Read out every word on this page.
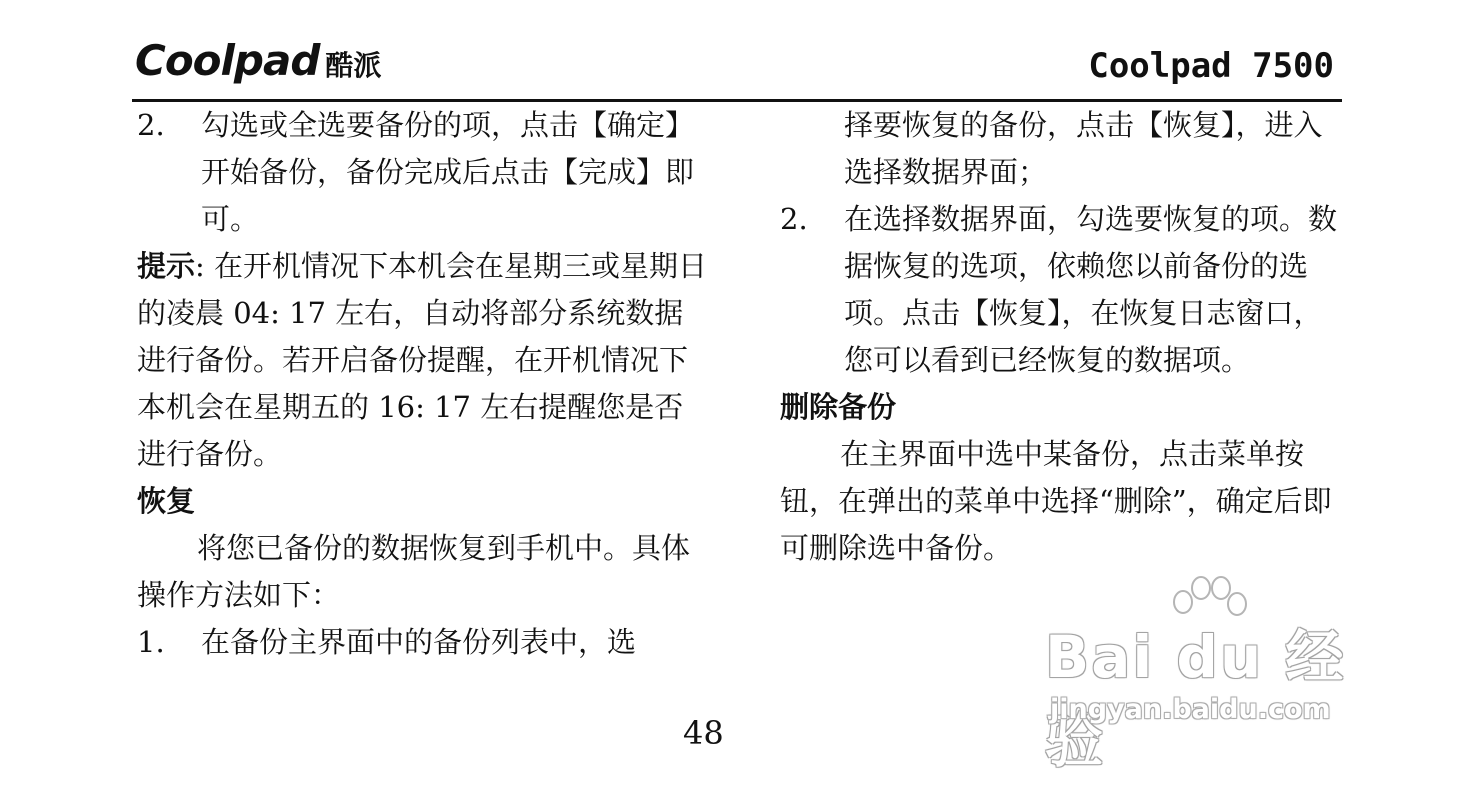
Coolpad 酷派	Coolpad 7500
2.	勾选或全选要备份的项，点击【确定】开始备份，备份完成后点击【完成】即可。
提示: 在开机情况下本机会在星期三或星期日的凌晨 04: 17 左右，自动将部分系统数据进行备份。若开启备份提醒，在开机情况下本机会在星期五的 16: 17 左右提醒您是否进行备份。
恢复
将您已备份的数据恢复到手机中。具体操作方法如下：
1.	在备份主界面中的备份列表中，选
择要恢复的备份，点击【恢复】，进入选择数据界面；
2.	在选择数据界面，勾选要恢复的项。数据恢复的选项，依赖您以前备份的选项。点击【恢复】，在恢复日志窗口，您可以看到已经恢复的数据项。
删除备份
在主界面中选中某备份，点击菜单按钮，在弹出的菜单中选择“删除”，确定后即可删除选中备份。
48
Bai du 经验
jingyan.baidu.com
